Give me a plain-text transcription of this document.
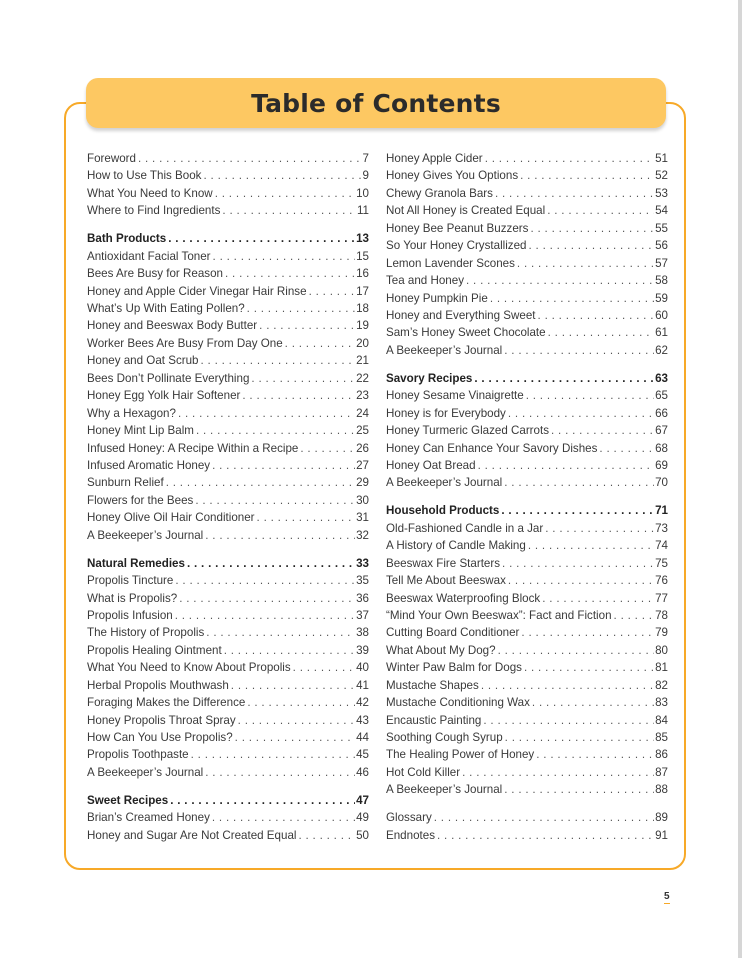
Table of Contents
Foreword . . .	7
How to Use This Book . . .	9
What You Need to Know . . .	10
Where to Find Ingredients . . .	11
Bath Products . . .	13
Antioxidant Facial Toner . . .	15
Bees Are Busy for Reason . . .	16
Honey and Apple Cider Vinegar Hair Rinse . . .	17
What’s Up With Eating Pollen? . . .	18
Honey and Beeswax Body Butter . . .	19
Worker Bees Are Busy From Day One . . .	20
Honey and Oat Scrub . . .	21
Bees Don’t Pollinate Everything . . .	22
Honey Egg Yolk Hair Softener . . .	23
Why a Hexagon? . . .	24
Honey Mint Lip Balm . . .	25
Infused Honey: A Recipe Within a Recipe . . .	26
Infused Aromatic Honey . . .	27
Sunburn Relief . . .	29
Flowers for the Bees . . .	30
Honey Olive Oil Hair Conditioner . . .	31
A Beekeeper’s Journal . . .	32
Natural Remedies . . .	33
Propolis Tincture . . .	35
What is Propolis? . . .	36
Propolis Infusion . . .	37
The History of Propolis . . .	38
Propolis Healing Ointment . . .	39
What You Need to Know About Propolis . . .	40
Herbal Propolis Mouthwash . . .	41
Foraging Makes the Difference . . .	42
Honey Propolis Throat Spray . . .	43
How Can You Use Propolis? . . .	44
Propolis Toothpaste . . .	45
A Beekeeper’s Journal . . .	46
Sweet Recipes . . .	47
Brian’s Creamed Honey . . .	49
Honey and Sugar Are Not Created Equal . . .	50
Honey Apple Cider . . .	51
Honey Gives You Options . . .	52
Chewy Granola Bars . . .	53
Not All Honey is Created Equal . . .	54
Honey Bee Peanut Buzzers . . .	55
So Your Honey Crystallized . . .	56
Lemon Lavender Scones . . .	57
Tea and Honey . . .	58
Honey Pumpkin Pie . . .	59
Honey and Everything Sweet . . .	60
Sam’s Honey Sweet Chocolate . . .	61
A Beekeeper’s Journal . . .	62
Savory Recipes . . .	63
Honey Sesame Vinaigrette . . .	65
Honey is for Everybody . . .	66
Honey Turmeric Glazed Carrots . . .	67
Honey Can Enhance Your Savory Dishes . . .	68
Honey Oat Bread . . .	69
A Beekeeper’s Journal . . .	70
Household Products . . .	71
Old-Fashioned Candle in a Jar . . .	73
A History of Candle Making . . .	74
Beeswax Fire Starters . . .	75
Tell Me About Beeswax . . .	76
Beeswax Waterproofing Block . . .	77
“Mind Your Own Beeswax”: Fact and Fiction . . .	78
Cutting Board Conditioner . . .	79
What About My Dog? . . .	80
Winter Paw Balm for Dogs . . .	81
Mustache Shapes . . .	82
Mustache Conditioning Wax . . .	83
Encaustic Painting . . .	84
Soothing Cough Syrup . . .	85
The Healing Power of Honey . . .	86
Hot Cold Killer . . .	87
A Beekeeper’s Journal . . .	88
Glossary . . .	89
Endnotes . . .	91
5
